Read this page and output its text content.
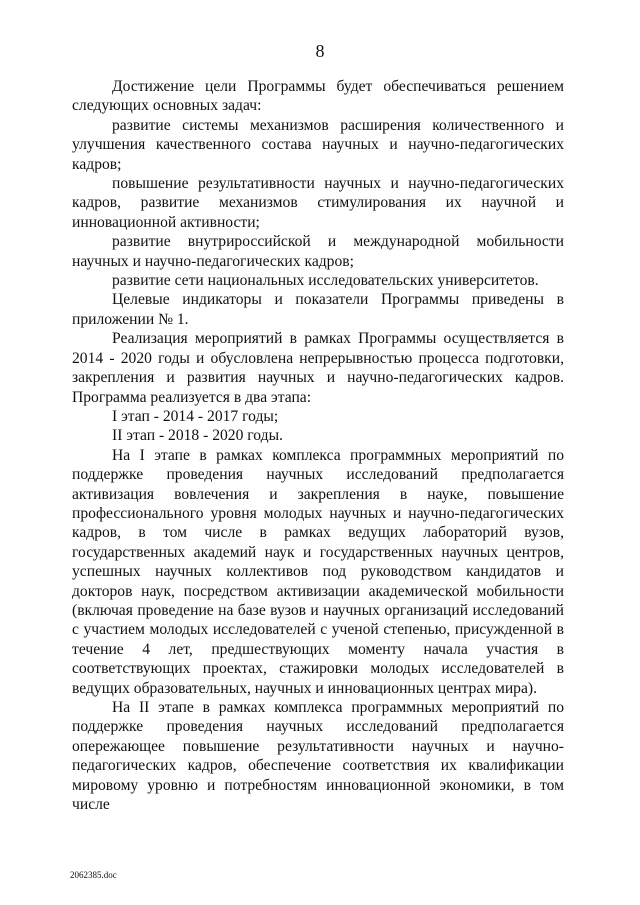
8

Достижение цели Программы будет обеспечиваться решением следующих основных задач:

развитие системы механизмов расширения количественного и улучшения качественного состава научных и научно-педагогических кадров;

повышение результативности научных и научно-педагогических кадров, развитие механизмов стимулирования их научной и инновационной активности;

развитие внутрироссийской и международной мобильности научных и научно-педагогических кадров;

развитие сети национальных исследовательских университетов.

Целевые индикаторы и показатели Программы приведены в приложении № 1.

Реализация мероприятий в рамках Программы осуществляется в 2014 - 2020 годы и обусловлена непрерывностью процесса подготовки, закрепления и развития научных и научно-педагогических кадров. Программа реализуется в два этапа:

I этап - 2014 - 2017 годы;

II этап - 2018 - 2020 годы.

На I этапе в рамках комплекса программных мероприятий по поддержке проведения научных исследований предполагается активизация вовлечения и закрепления в науке, повышение профессионального уровня молодых научных и научно-педагогических кадров, в том числе в рамках ведущих лабораторий вузов, государственных академий наук и государственных научных центров, успешных научных коллективов под руководством кандидатов и докторов наук, посредством активизации академической мобильности (включая проведение на базе вузов и научных организаций исследований с участием молодых исследователей с ученой степенью, присужденной в течение 4 лет, предшествующих моменту начала участия в соответствующих проектах, стажировки молодых исследователей в ведущих образовательных, научных и инновационных центрах мира).

На II этапе в рамках комплекса программных мероприятий по поддержке проведения научных исследований предполагается опережающее повышение результативности научных и научно-педагогических кадров, обеспечение соответствия их квалификации мировому уровню и потребностям инновационной экономики, в том числе

2062385.doc
